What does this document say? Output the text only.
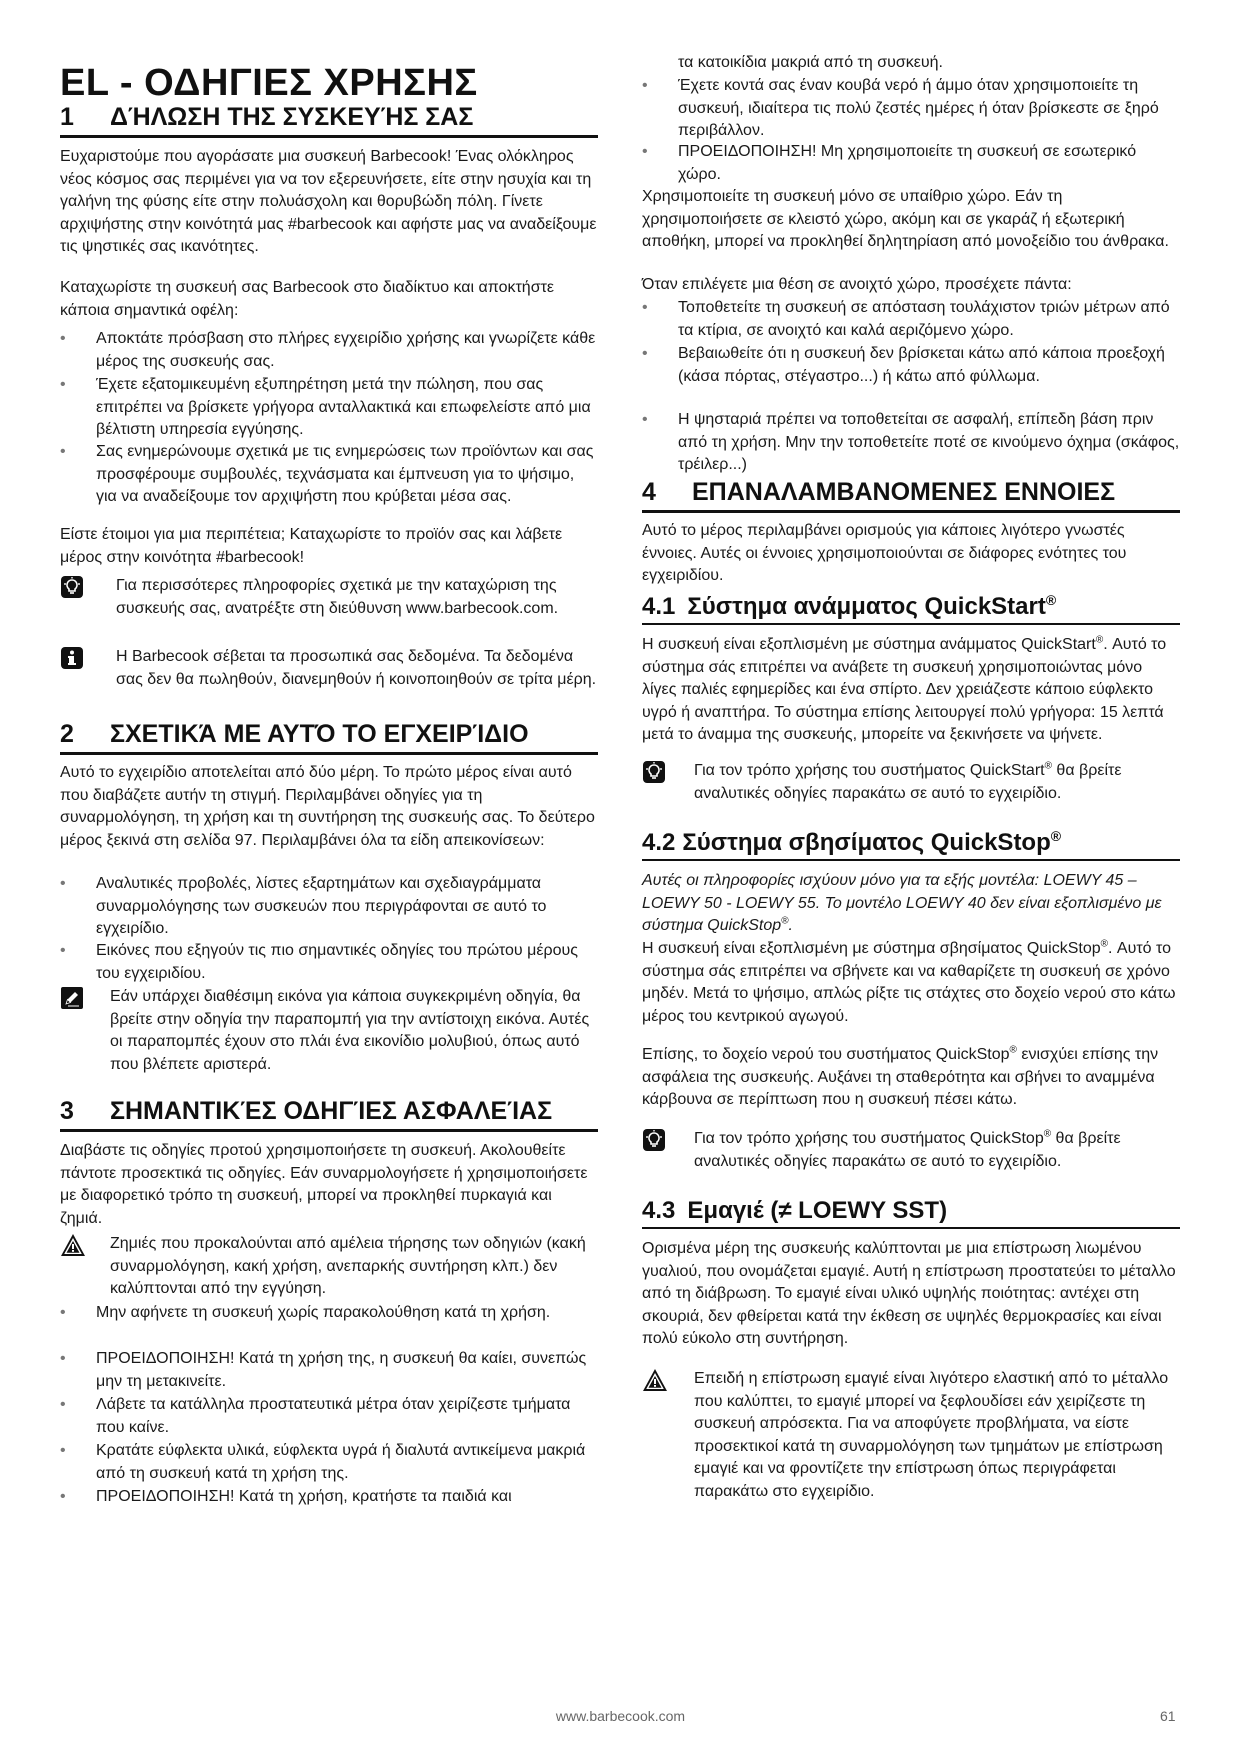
EL - ΟΔΗΓΙΕΣ ΧΡΗΣΗΣ
1 ΔΉΛΩΣΗ ΤΗΣ ΣΥΣΚΕΥΉΣ ΣΑΣ

Ευχαριστούμε που αγοράσατε μια συσκευή Barbecook! Ένας ολόκληρος νέος κόσμος σας περιμένει για να τον εξερευνήσετε, είτε στην ησυχία και τη γαλήνη της φύσης είτε στην πολυάσχολη και θορυβώδη πόλη. Γίνετε αρχιψήστης στην κοινότητά μας #barbecook και αφήστε μας να αναδείξουμε τις ψηστικές σας ικανότητες.

Καταχωρίστε τη συσκευή σας Barbecook στο διαδίκτυο και αποκτήστε κάποια σημαντικά οφέλη:

• Αποκτάτε πρόσβαση στο πλήρες εγχειρίδιο χρήσης και γνωρίζετε κάθε μέρος της συσκευής σας.
• Έχετε εξατομικευμένη εξυπηρέτηση μετά την πώληση, που σας επιτρέπει να βρίσκετε γρήγορα ανταλλακτικά και επωφελείστε από μια βέλτιστη υπηρεσία εγγύησης.
• Σας ενημερώνουμε σχετικά με τις ενημερώσεις των προϊόντων και σας προσφέρουμε συμβουλές, τεχνάσματα και έμπνευση για το ψήσιμο, για να αναδείξουμε τον αρχιψήστη που κρύβεται μέσα σας.

Είστε έτοιμοι για μια περιπέτεια; Καταχωρίστε το προϊόν σας και λάβετε μέρος στην κοινότητα #barbecook!

Για περισσότερες πληροφορίες σχετικά με την καταχώριση της συσκευής σας, ανατρέξτε στη διεύθυνση www.barbecook.com.
Η Barbecook σέβεται τα προσωπικά σας δεδομένα. Τα δεδομένα σας δεν θα πωληθούν, διανεμηθούν ή κοινοποιηθούν σε τρίτα μέρη.
2 ΣΧΕΤΙΚΆ ΜΕ ΑΥΤΌ ΤΟ ΕΓΧΕΙΡΊΔΙΟ

Αυτό το εγχειρίδιο αποτελείται από δύο μέρη. Το πρώτο μέρος είναι αυτό που διαβάζετε αυτήν τη στιγμή. Περιλαμβάνει οδηγίες για τη συναρμολόγηση, τη χρήση και τη συντήρηση της συσκευής σας. Το δεύτερο μέρος ξεκινά στη σελίδα 97. Περιλαμβάνει όλα τα είδη απεικονίσεων:

• Αναλυτικές προβολές, λίστες εξαρτημάτων και σχεδιαγράμματα συναρμολόγησης των συσκευών που περιγράφονται σε αυτό το εγχειρίδιο.
• Εικόνες που εξηγούν τις πιο σημαντικές οδηγίες του πρώτου μέρους του εγχειριδίου.
Εάν υπάρχει διαθέσιμη εικόνα για κάποια συγκεκριμένη οδηγία, θα βρείτε στην οδηγία την παραπομπή για την αντίστοιχη εικόνα. Αυτές οι παραπομπές έχουν στο πλάι ένα εικονίδιο μολυβιού, όπως αυτό που βλέπετε αριστερά.
3 ΣΗΜΑΝΤΙΚΈΣ ΟΔΗΓΊΕΣ ΑΣΦΑΛΕΊΑΣ

Διαβάστε τις οδηγίες προτού χρησιμοποιήσετε τη συσκευή. Ακολουθείτε πάντοτε προσεκτικά τις οδηγίες. Εάν συναρμολογήσετε ή χρησιμοποιήσετε με διαφορετικό τρόπο τη συσκευή, μπορεί να προκληθεί πυρκαγιά και ζημιά.

Ζημιές που προκαλούνται από αμέλεια τήρησης των οδηγιών (κακή συναρμολόγηση, κακή χρήση, ανεπαρκής συντήρηση κλπ.) δεν καλύπτονται από την εγγύηση.
• Μην αφήνετε τη συσκευή χωρίς παρακολούθηση κατά τη χρήση.
• ΠΡΟΕΙΔΟΠΟΙΗΣΗ! Κατά τη χρήση της, η συσκευή θα καίει, συνεπώς μην τη μετακινείτε.
• Λάβετε τα κατάλληλα προστατευτικά μέτρα όταν χειρίζεστε τμήματα που καίνε.
• Κρατάτε εύφλεκτα υλικά, εύφλεκτα υγρά ή διαλυτά αντικείμενα μακριά από τη συσκευή κατά τη χρήση της.
• ΠΡΟΕΙΔΟΠΟΙΗΣΗ! Κατά τη χρήση, κρατήστε τα παιδιά και

τα κατοικίδια μακριά από τη συσκευή.

• Έχετε κοντά σας έναν κουβά νερό ή άμμο όταν χρησιμοποιείτε τη συσκευή, ιδιαίτερα τις πολύ ζεστές ημέρες ή όταν βρίσκεστε σε ξηρό περιβάλλον.
• ΠΡΟΕΙΔΟΠΟΙΗΣΗ! Μη χρησιμοποιείτε τη συσκευή σε εσωτερικό χώρο.

Χρησιμοποιείτε τη συσκευή μόνο σε υπαίθριο χώρο. Εάν τη χρησιμοποιήσετε σε κλειστό χώρο, ακόμη και σε γκαράζ ή εξωτερική αποθήκη, μπορεί να προκληθεί δηλητηρίαση από μονοξείδιο του άνθρακα.

Όταν επιλέγετε μια θέση σε ανοιχτό χώρο, προσέχετε πάντα:

• Τοποθετείτε τη συσκευή σε απόσταση τουλάχιστον τριών μέτρων από τα κτίρια, σε ανοιχτό και καλά αεριζόμενο χώρο.
• Βεβαιωθείτε ότι η συσκευή δεν βρίσκεται κάτω από κάποια προεξοχή (κάσα πόρτας, στέγαστρο...) ή κάτω από φύλλωμα.
• Η ψησταριά πρέπει να τοποθετείται σε ασφαλή, επίπεδη βάση πριν από τη χρήση. Μην την τοποθετείτε ποτέ σε κινούμενο όχημα (σκάφος, τρέιλερ...)
4 ΕΠΑΝΑΛΑΜΒΑΝΟΜΕΝΕΣ ΕΝΝΟΙΕΣ

Αυτό το μέρος περιλαμβάνει ορισμούς για κάποιες λιγότερο γνωστές έννοιες. Αυτές οι έννοιες χρησιμοποιούνται σε διάφορες ενότητες του εγχειριδίου.

4.1 Σύστημα ανάμματος QuickStart®

Η συσκευή είναι εξοπλισμένη με σύστημα ανάμματος QuickStart®. Αυτό το σύστημα σάς επιτρέπει να ανάβετε τη συσκευή χρησιμοποιώντας μόνο λίγες παλιές εφημερίδες και ένα σπίρτο. Δεν χρειάζεστε κάποιο εύφλεκτο υγρό ή αναπτήρα. Το σύστημα επίσης λειτουργεί πολύ γρήγορα: 15 λεπτά μετά το άναμμα της συσκευής, μπορείτε να ξεκινήσετε να ψήνετε.

Για τον τρόπο χρήσης του συστήματος QuickStart® θα βρείτε αναλυτικές οδηγίες παρακάτω σε αυτό το εγχειρίδιο.
4.2 Σύστημα σβησίματος QuickStop®

Αυτές οι πληροφορίες ισχύουν μόνο για τα εξής μοντέλα: LOEWY 45 – LOEWY 50 - LOEWY 55. Το μοντέλο LOEWY 40 δεν είναι εξοπλισμένο με σύστημα QuickStop®.

Η συσκευή είναι εξοπλισμένη με σύστημα σβησίματος QuickStop®. Αυτό το σύστημα σάς επιτρέπει να σβήνετε και να καθαρίζετε τη συσκευή σε χρόνο μηδέν. Μετά το ψήσιμο, απλώς ρίξτε τις στάχτες στο δοχείο νερού στο κάτω μέρος του κεντρικού αγωγού.

Επίσης, το δοχείο νερού του συστήματος QuickStop® ενισχύει επίσης την ασφάλεια της συσκευής. Αυξάνει τη σταθερότητα και σβήνει το αναμμένα κάρβουνα σε περίπτωση που η συσκευή πέσει κάτω.

Για τον τρόπο χρήσης του συστήματος QuickStop® θα βρείτε αναλυτικές οδηγίες παρακάτω σε αυτό το εγχειρίδιο.
4.3 Εμαγιέ (≠ LOEWY SST)

Ορισμένα μέρη της συσκευής καλύπτονται με μια επίστρωση λιωμένου γυαλιού, που ονομάζεται εμαγιέ. Αυτή η επίστρωση προστατεύει το μέταλλο από τη διάβρωση. Το εμαγιέ είναι υλικό υψηλής ποιότητας: αντέχει στη σκουριά, δεν φθείρεται κατά την έκθεση σε υψηλές θερμοκρασίες και είναι πολύ εύκολο στη συντήρηση.

Επειδή η επίστρωση εμαγιέ είναι λιγότερο ελαστική από το μέταλλο που καλύπτει, το εμαγιέ μπορεί να ξεφλουδίσει εάν χειρίζεστε τη συσκευή απρόσεκτα. Για να αποφύγετε προβλήματα, να είστε προσεκτικοί κατά τη συναρμολόγηση των τμημάτων με επίστρωση εμαγιέ και να φροντίζετε την επίστρωση όπως περιγράφεται παρακάτω στο εγχειρίδιο.
www.barbecook.com	61
